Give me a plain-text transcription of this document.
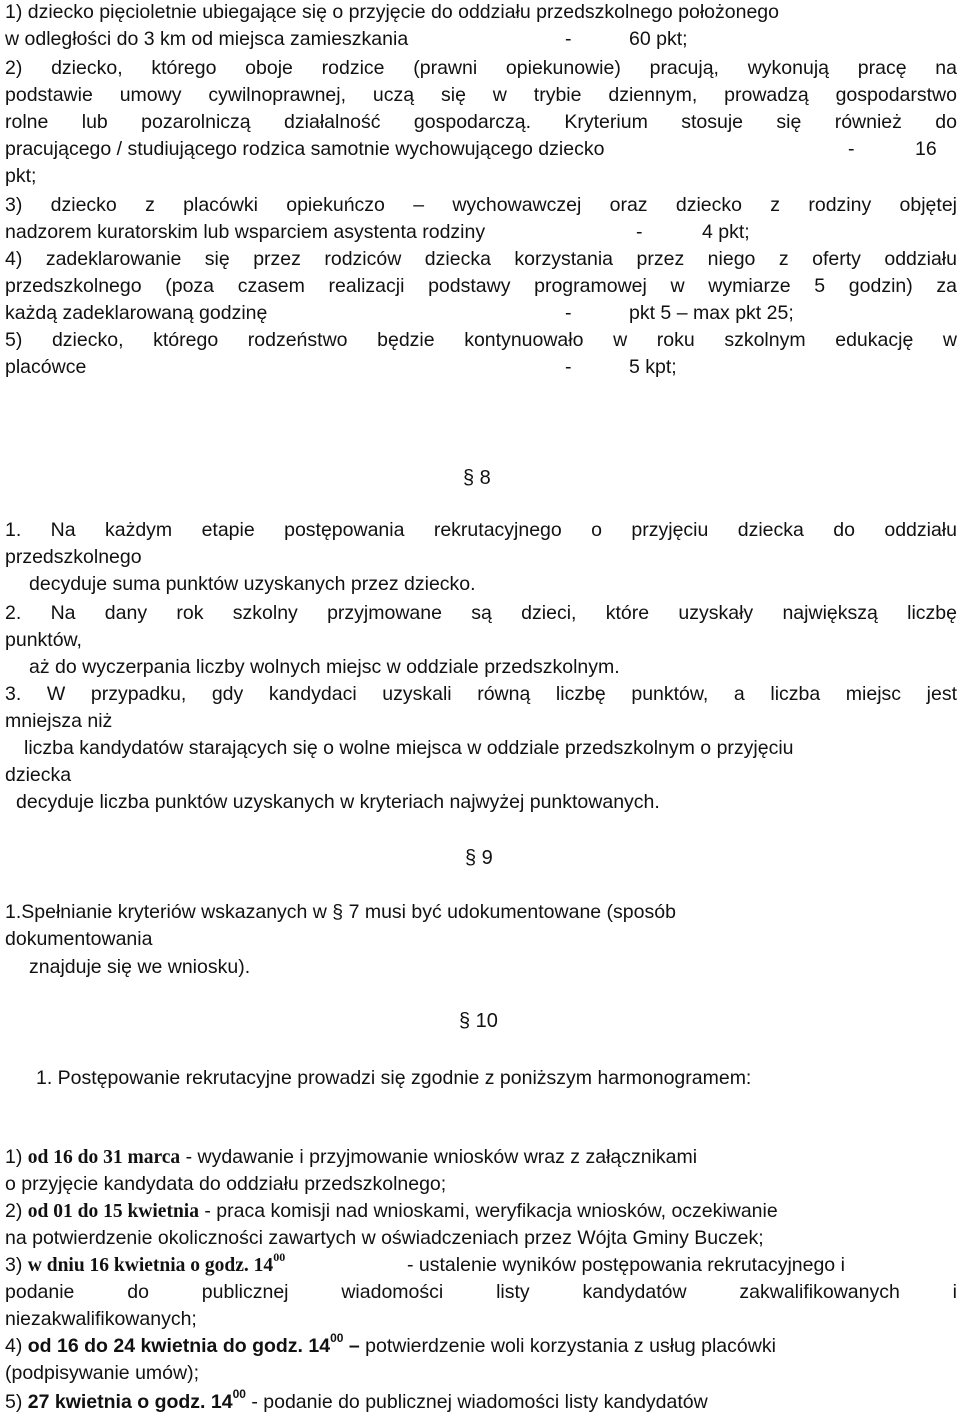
1) dziecko pięcioletnie ubiegające się o przyjęcie do oddziału przedszkolnego położonego
w odległości do 3 km od miejsca zamieszkania	-	60 pkt;
2) dziecko, którego oboje rodzice (prawni opiekunowie) pracują, wykonują pracę na
podstawie umowy cywilnoprawnej, uczą się w trybie dziennym, prowadzą gospodarstwo
rolne lub pozarolniczą działalność gospodarczą. Kryterium stosuje się również do
pracującego / studiującego rodzica samotnie wychowującego dziecko	-	16
pkt;
3) dziecko z placówki opiekuńczo – wychowawczej oraz dziecko z rodziny objętej
nadzorem kuratorskim lub wsparciem asystenta rodziny	-	4 pkt;
4) zadeklarowanie się przez rodziców dziecka korzystania przez niego z oferty oddziału
przedszkolnego (poza czasem realizacji podstawy programowej w wymiarze 5 godzin) za
każdą zadeklarowaną godzinę	-	pkt 5 – max pkt 25;
5) dziecko, którego rodzeństwo będzie kontynuowało w roku szkolnym edukację w
placówce	-	5 kpt;
§ 8
1. Na każdym etapie postępowania rekrutacyjnego o przyjęciu dziecka do oddziału
przedszkolnego
decyduje suma punktów uzyskanych przez dziecko.
2. Na dany rok szkolny przyjmowane są dzieci, które uzyskały największą liczbę
punktów,
aż do wyczerpania liczby wolnych miejsc w oddziale przedszkolnym.
3. W przypadku, gdy kandydaci uzyskali równą liczbę punktów, a liczba miejsc jest
mniejsza niż
liczba kandydatów starających się o wolne miejsca w oddziale przedszkolnym o przyjęciu
dziecka
decyduje liczba punktów uzyskanych w kryteriach najwyżej punktowanych.
§ 9
1.Spełnianie kryteriów wskazanych w § 7 musi być udokumentowane (sposób
dokumentowania
znajduje się we wniosku).
§ 10
1. Postępowanie rekrutacyjne prowadzi się zgodnie z poniższym harmonogramem:
1) od 16 do 31 marca - wydawanie i przyjmowanie wniosków wraz z załącznikami
o przyjęcie kandydata do oddziału przedszkolnego;
2) od 01 do 15 kwietnia - praca komisji nad wnioskami, weryfikacja wniosków, oczekiwanie
na potwierdzenie okoliczności zawartych w oświadczeniach przez Wójta Gminy Buczek;
3) w dniu 16 kwietnia o godz. $14^{00}$	- ustalenie wyników postępowania rekrutacyjnego i
podanie do publicznej wiadomości listy kandydatów zakwalifikowanych i
niezakwalifikowanych;
4) od 16 do 24 kwietnia do godz. $14^{00}$ – potwierdzenie woli korzystania z usług placówki
(podpisywanie umów);
5) 27 kwietnia o godz. $14^{00}$ - podanie do publicznej wiadomości listy kandydatów
